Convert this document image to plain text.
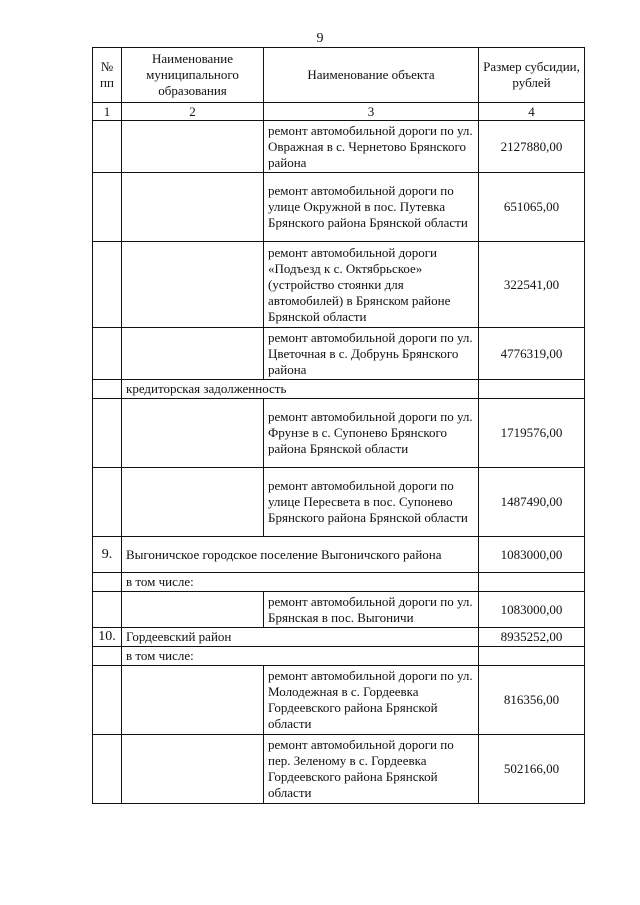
9
№ пп	Наименование муниципального образования	Наименование объекта	Размер субсидии, рублей
1	2	3	4
		ремонт автомобильной дороги по ул. Овражная в с. Чернетово Брянского района	2127880,00
		ремонт автомобильной дороги по улице Окружной в пос. Путевка Брянского района Брянской области	651065,00
		ремонт автомобильной дороги «Подъезд к с. Октябрьское» (устройство стоянки для автомобилей) в Брянском районе Брянской области	322541,00
		ремонт автомобильной дороги по ул. Цветочная в с. Добрунь Брянского района	4776319,00
	кредиторская задолженность		
		ремонт автомобильной дороги по ул. Фрунзе в с. Супонево Брянского района Брянской области	1719576,00
		ремонт автомобильной дороги по улице Пересвета в пос. Супонево Брянского района Брянской области	1487490,00
9.	Выгоничское городское поселение Выгоничского района		1083000,00
	в том числе:		
		ремонт автомобильной дороги по ул. Брянская в пос. Выгоничи	1083000,00
10.	Гордеевский район		8935252,00
	в том числе:		
		ремонт автомобильной дороги по ул. Молодежная в с. Гордеевка Гордеевского района Брянской области	816356,00
		ремонт автомобильной дороги по пер. Зеленому в с. Гордеевка Гордеевского района Брянской области	502166,00
